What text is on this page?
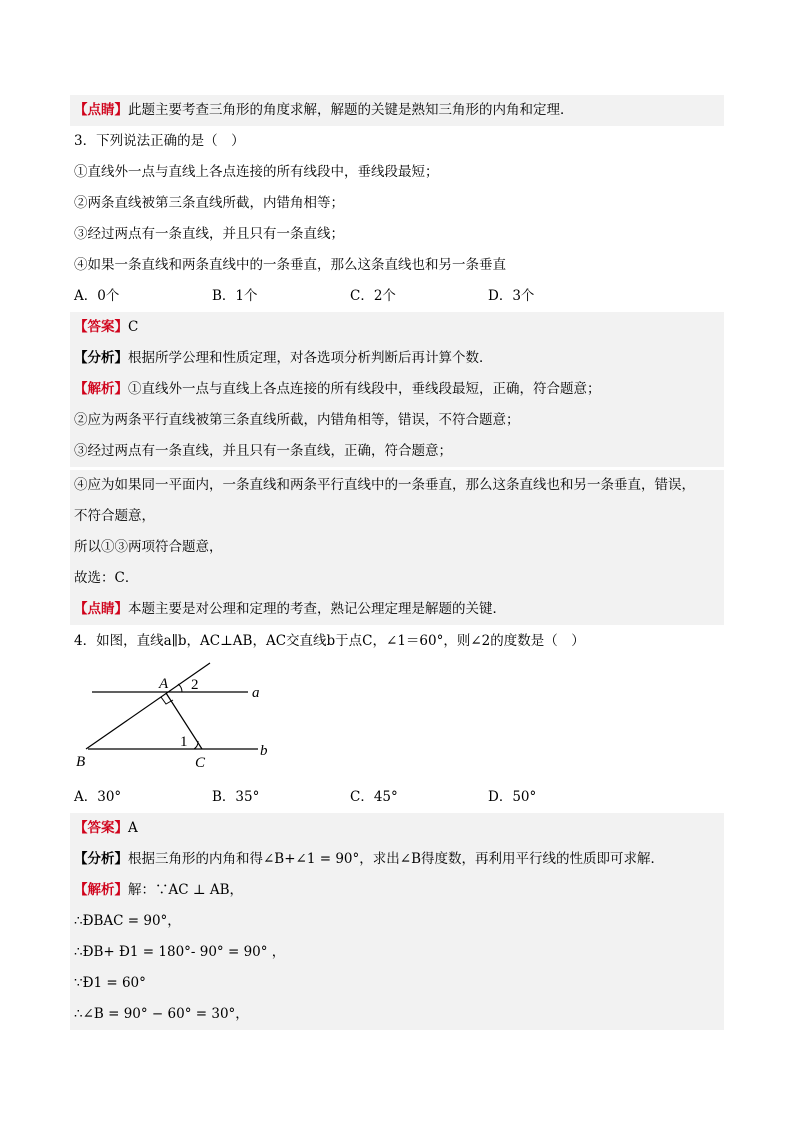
【点睛】此题主要考查三角形的角度求解，解题的关键是熟知三角形的内角和定理．
3．下列说法正确的是（　）
①直线外一点与直线上各点连接的所有线段中，垂线段最短；
②两条直线被第三条直线所截，内错角相等；
③经过两点有一条直线，并且只有一条直线；
④如果一条直线和两条直线中的一条垂直，那么这条直线也和另一条垂直
A．0个	B．1个	C．2个	D．3个
【答案】C
【分析】根据所学公理和性质定理，对各选项分析判断后再计算个数．
【解析】①直线外一点与直线上各点连接的所有线段中，垂线段最短，正确，符合题意；
②应为两条平行直线被第三条直线所截，内错角相等，错误，不符合题意；
③经过两点有一条直线，并且只有一条直线，正确，符合题意；
④应为如果同一平面内，一条直线和两条平行直线中的一条垂直，那么这条直线也和另一条垂直，错误，
不符合题意，
所以①③两项符合题意，
故选：C．
【点睛】本题主要是对公理和定理的考查，熟记公理定理是解题的关键．
4．如图，直线a∥b，AC⊥AB，AC交直线b于点C，∠1＝60°，则∠2的度数是（　）
A 2	a
1
b
B	C
A．30°	B．35°	C．45°	D．50°
【答案】A
【分析】根据三角形的内角和得∠B+∠1 = 90°，求出∠B得度数，再利用平行线的性质即可求解．
【解析】解：∵AC ⊥ AB，
∴ÐBAC = 90°，
∴ÐB+ Ð1 = 180°- 90° = 90° ，
∵Ð1 = 60°
∴∠B = 90° − 60° = 30°，
